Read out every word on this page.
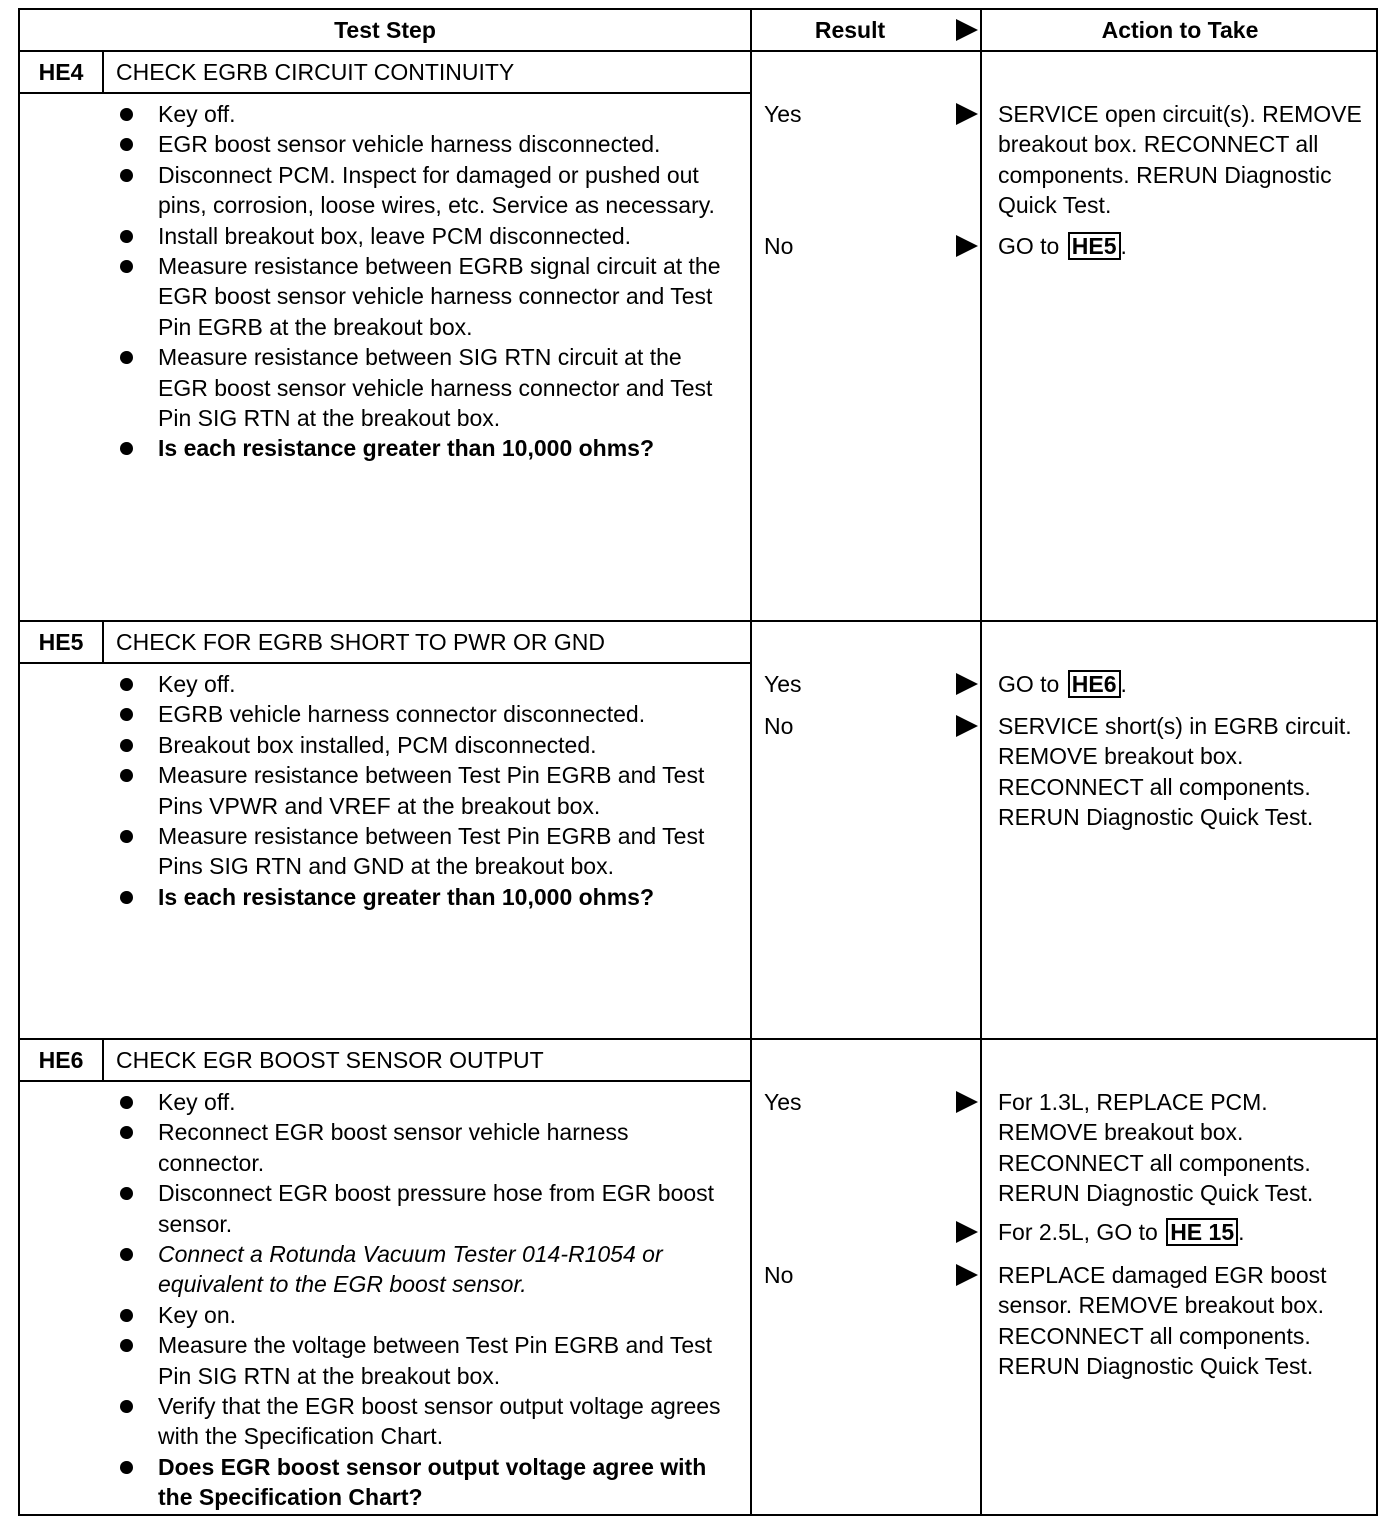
Test Step	Result	Action to Take
HE4	CHECK EGRB CIRCUIT CONTINUITY
Key off.
EGR boost sensor vehicle harness disconnected.
Disconnect PCM. Inspect for damaged or pushed out pins, corrosion, loose wires, etc. Service as necessary.
Install breakout box, leave PCM disconnected.
Measure resistance between EGRB signal circuit at the EGR boost sensor vehicle harness connector and Test Pin EGRB at the breakout box.
Measure resistance between SIG RTN circuit at the EGR boost sensor vehicle harness connector and Test Pin SIG RTN at the breakout box.
Is each resistance greater than 10,000 ohms?
Yes	SERVICE open circuit(s). REMOVE breakout box. RECONNECT all components. RERUN Diagnostic Quick Test.
No	GO to HE5 .
HE5	CHECK FOR EGRB SHORT TO PWR OR GND
Key off.
EGRB vehicle harness connector disconnected.
Breakout box installed, PCM disconnected.
Measure resistance between Test Pin EGRB and Test Pins VPWR and VREF at the breakout box.
Measure resistance between Test Pin EGRB and Test Pins SIG RTN and GND at the breakout box.
Is each resistance greater than 10,000 ohms?
Yes	GO to HE6 .
No	SERVICE short(s) in EGRB circuit. REMOVE breakout box. RECONNECT all components. RERUN Diagnostic Quick Test.
HE6	CHECK EGR BOOST SENSOR OUTPUT
Key off.
Reconnect EGR boost sensor vehicle harness connector.
Disconnect EGR boost pressure hose from EGR boost sensor.
Connect a Rotunda Vacuum Tester 014-R1054 or equivalent to the EGR boost sensor.
Key on.
Measure the voltage between Test Pin EGRB and Test Pin SIG RTN at the breakout box.
Verify that the EGR boost sensor output voltage agrees with the Specification Chart.
Does EGR boost sensor output voltage agree with the Specification Chart?
Yes	For 1.3L, REPLACE PCM. REMOVE breakout box. RECONNECT all components. RERUN Diagnostic Quick Test.
For 2.5L, GO to HE 15 .
No	REPLACE damaged EGR boost sensor. REMOVE breakout box. RECONNECT all components. RERUN Diagnostic Quick Test.
